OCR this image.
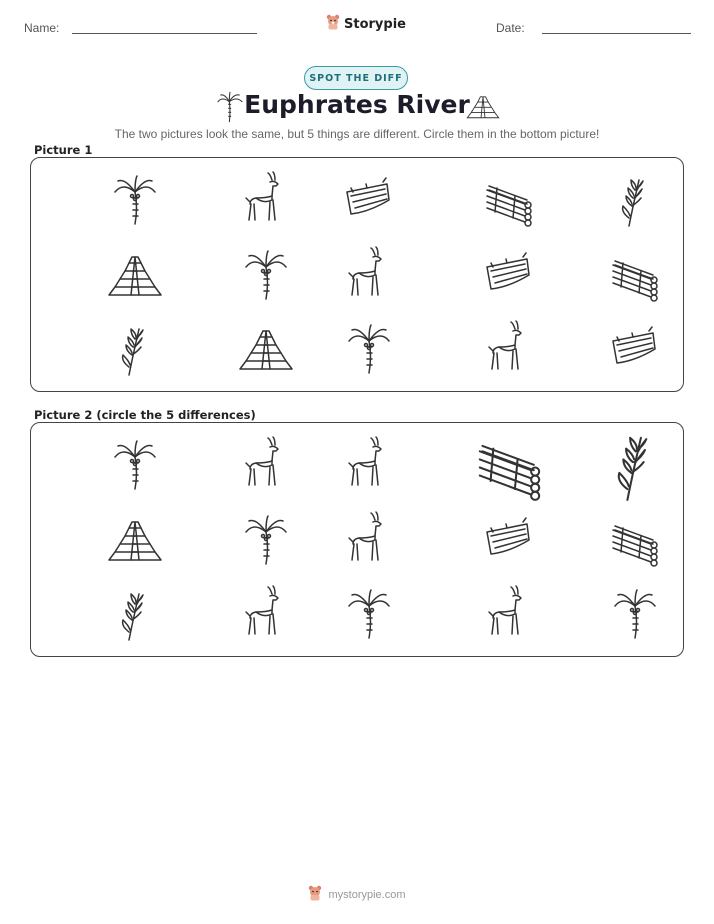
Name:	Storypie	Date:
SPOT THE DIFF
Euphrates River
The two pictures look the same, but 5 things are different. Circle them in the bottom picture!
Picture 1
Picture 2 (circle the 5 differences)
mystorypie.com
